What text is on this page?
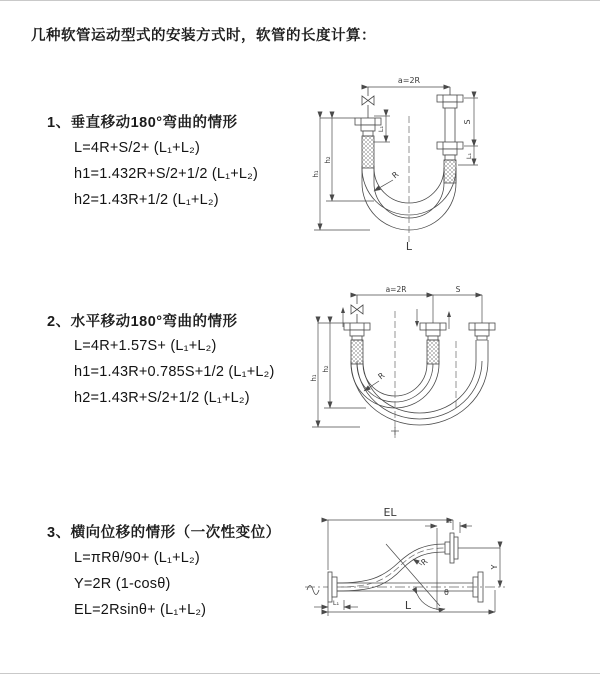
几种软管运动型式的安装方式时，软管的长度计算：
1、垂直移动180°弯曲的情形
L=4R+S/2+ (L₁+L₂)
h1=1.432R+S/2+1/2 (L₁+L₂)
h2=1.43R+1/2 (L₁+L₂)
2、水平移动180°弯曲的情形
L=4R+1.57S+ (L₁+L₂)
h1=1.43R+0.785S+1/2 (L₁+L₂)
h2=1.43R+S/2+1/2 (L₁+L₂)
3、横向位移的情形（一次性变位）
L=πRθ/90+ (L₁+L₂)
Y=2R (1-cosθ)
EL=2Rsinθ+ (L₁+L₂)
a=2R
S
L₁
L₁
h₁
h₂
R
L
a=2R	S
h₁
h₂
R
θ
EL
L₁
Y
R
L
L₁
